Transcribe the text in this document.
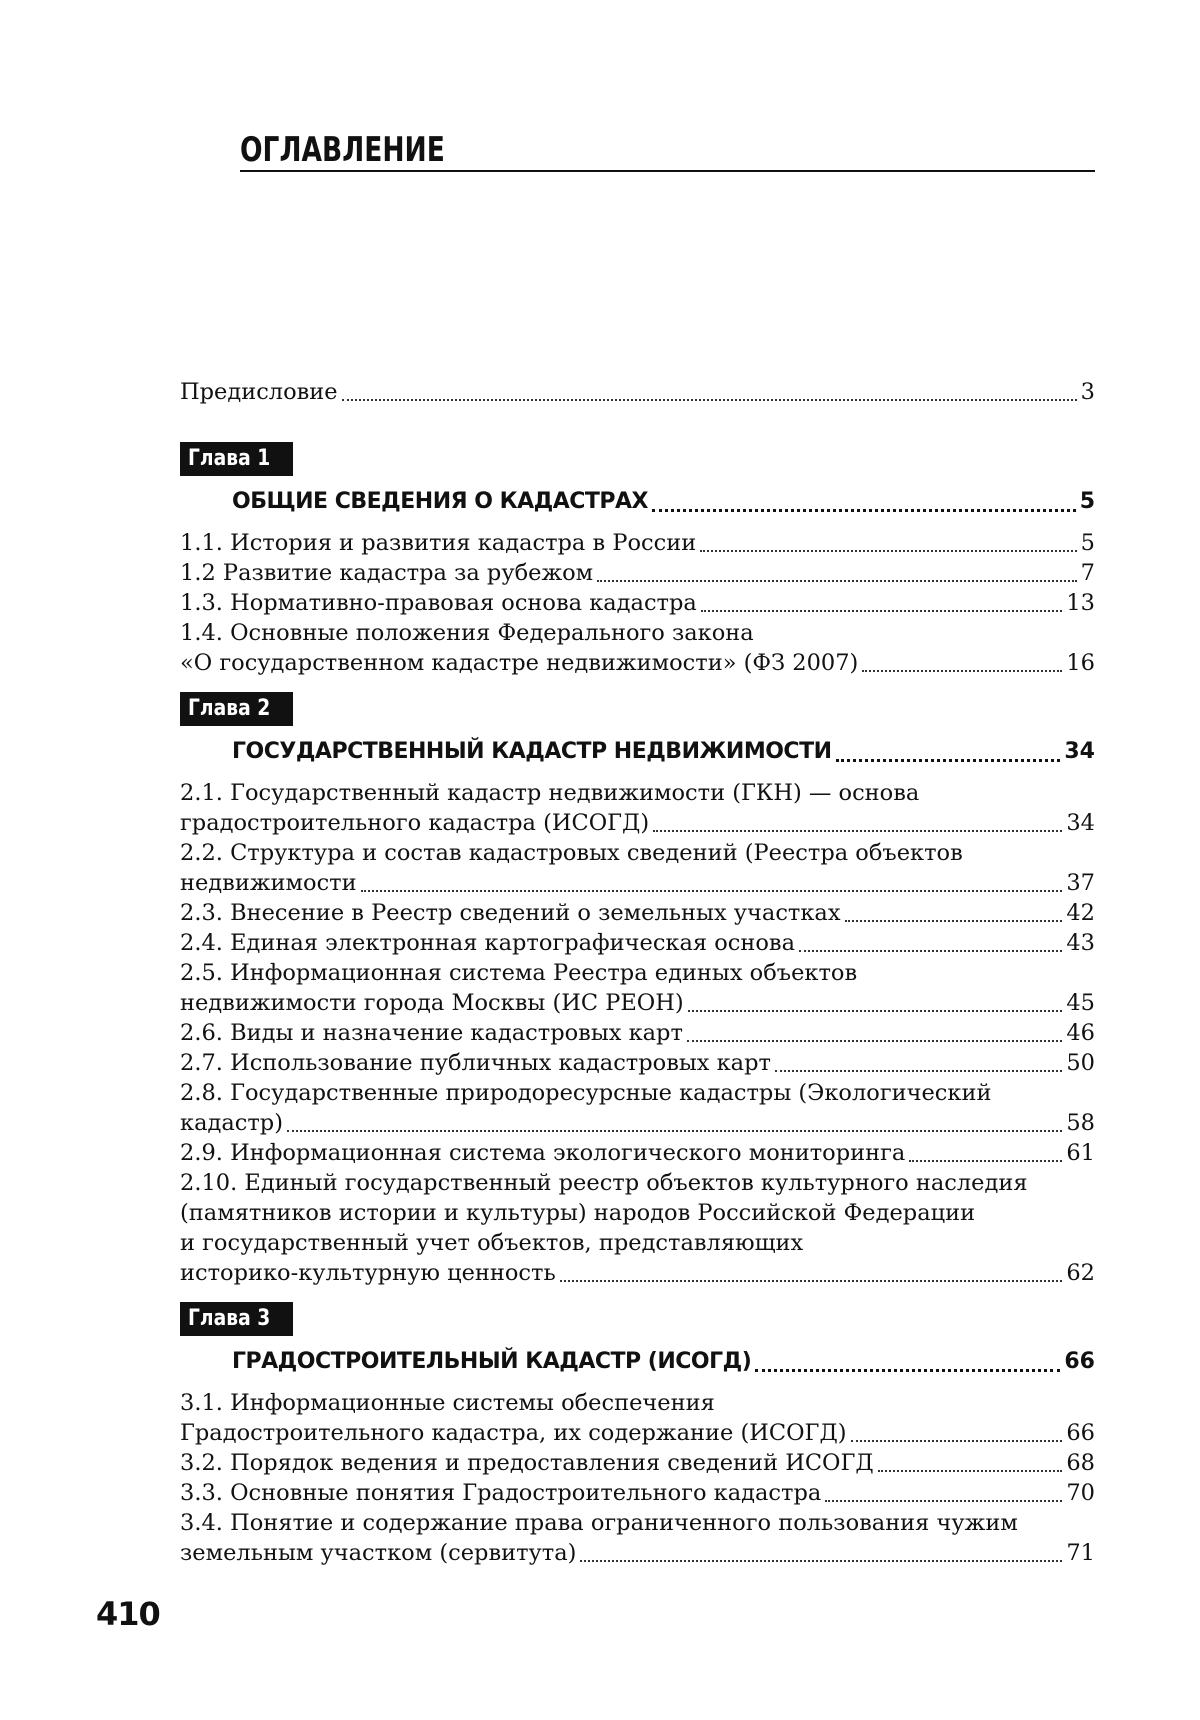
ОГЛАВЛЕНИЕ
Предисловие	3
Глава 1
ОБЩИЕ СВЕДЕНИЯ О КАДАСТРАХ	5
1.1. История и развития кадастра в России	5
1.2 Развитие кадастра за рубежом	7
1.3. Нормативно-правовая основа кадастра	13
1.4. Основные положения Федерального закона
«О государственном кадастре недвижимости» (ФЗ 2007)	16
Глава 2
ГОСУДАРСТВЕННЫЙ КАДАСТР НЕДВИЖИМОСТИ	34
2.1. Государственный кадастр недвижимости (ГКН) — основа
градостроительного кадастра (ИСОГД)	34
2.2. Структура и состав кадастровых сведений (Реестра объектов
недвижимости	37
2.3. Внесение в Реестр сведений о земельных участках	42
2.4. Единая электронная картографическая основа	43
2.5. Информационная система Реестра единых объектов
недвижимости города Москвы (ИС РЕОН)	45
2.6. Виды и назначение кадастровых карт	46
2.7. Использование публичных кадастровых карт	50
2.8. Государственные природоресурсные кадастры (Экологический
кадастр)	58
2.9. Информационная система экологического мониторинга	61
2.10. Единый государственный реестр объектов культурного наследия
(памятников истории и культуры) народов Российской Федерации
и государственный учет объектов, представляющих
историко-культурную ценность	62
Глава 3
ГРАДОСТРОИТЕЛЬНЫЙ КАДАСТР (ИСОГД)	66
3.1. Информационные системы обеспечения
Градостроительного кадастра, их содержание (ИСОГД)	66
3.2. Порядок ведения и предоставления сведений ИСОГД	68
3.3. Основные понятия Градостроительного кадастра	70
3.4. Понятие и содержание права ограниченного пользования чужим
земельным участком (сервитута)	71
410
